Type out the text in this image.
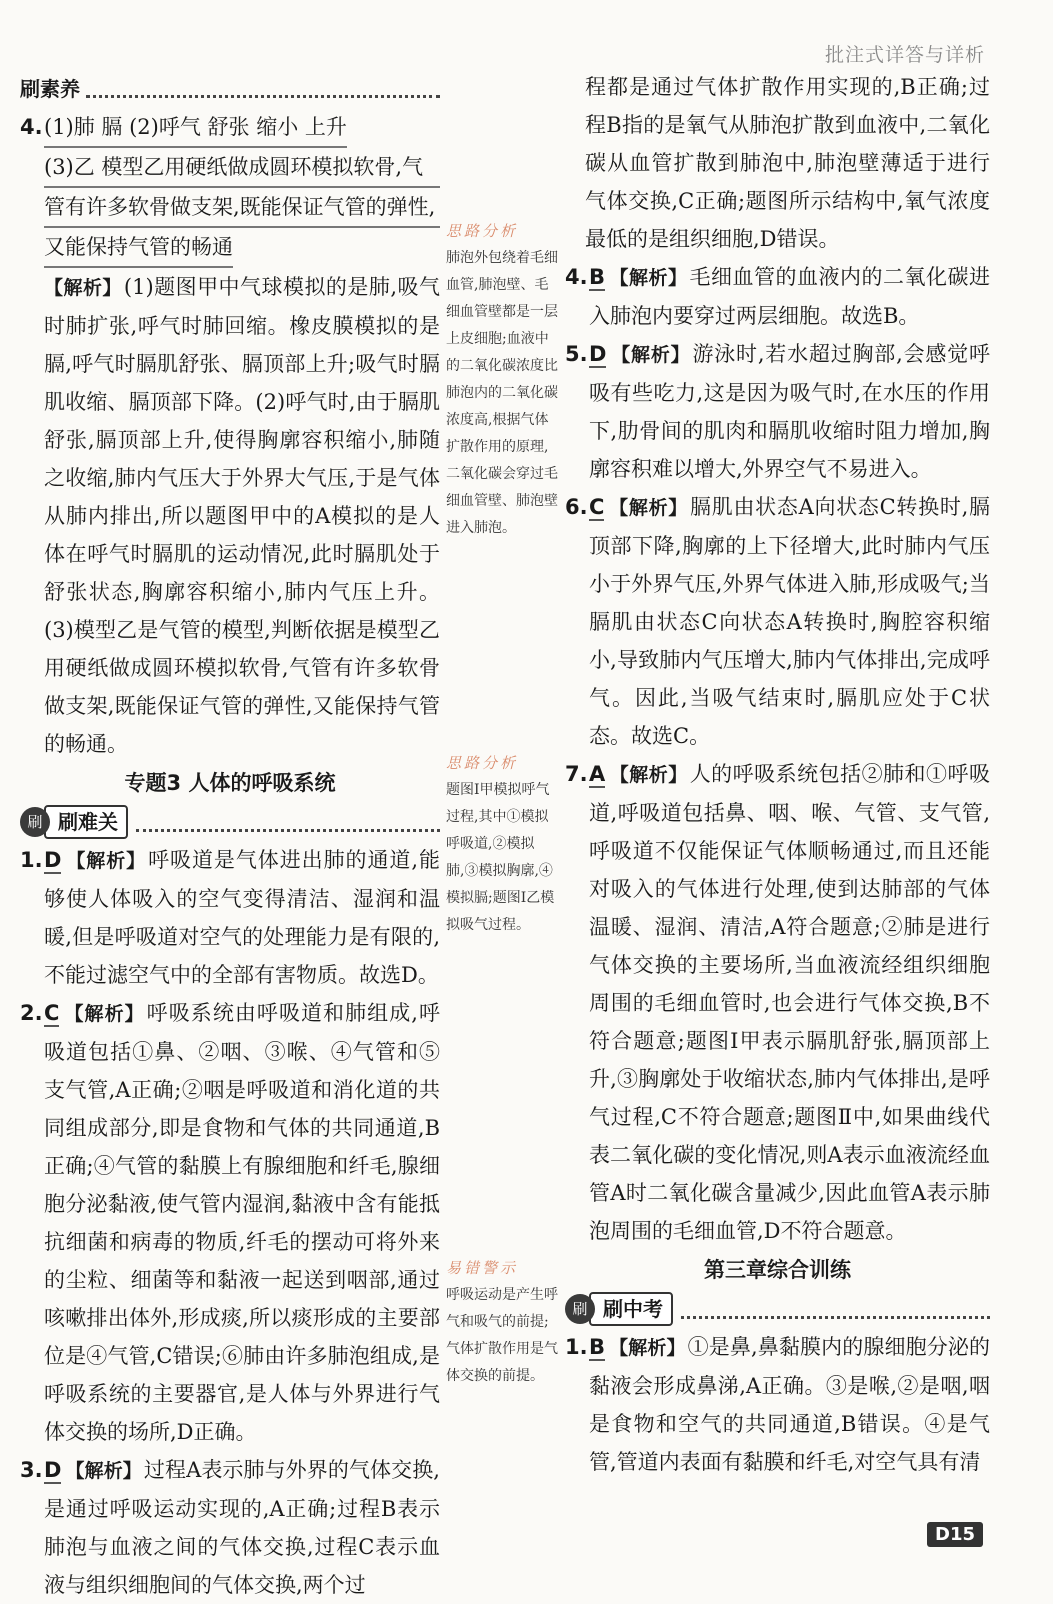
批注式详答与详析
刷素养
4. (1)肺 膈 (2)呼气 舒张 缩小 上升
(3)乙 模型乙用硬纸做成圆环模拟软骨,气
管有许多软骨做支架,既能保证气管的弹性,
又能保持气管的畅通

【解析】(1)题图甲中气球模拟的是肺,吸气时肺扩张,呼气时肺回缩。橡皮膜模拟的是膈,呼气时膈肌舒张、膈顶部上升;吸气时膈肌收缩、膈顶部下降。(2)呼气时,由于膈肌舒张,膈顶部上升,使得胸廓容积缩小,肺随之收缩,肺内气压大于外界大气压,于是气体从肺内排出,所以题图甲中的A模拟的是人体在呼气时膈肌的运动情况,此时膈肌处于舒张状态,胸廓容积缩小,肺内气压上升。(3)模型乙是气管的模型,判断依据是模型乙用硬纸做成圆环模拟软骨,气管有许多软骨做支架,既能保证气管的弹性,又能保持气管的畅通。

专题3 人体的呼吸系统
刷 刷难关
1. D 【解析】呼吸道是气体进出肺的通道,能够使人体吸入的空气变得清洁、湿润和温暖,但是呼吸道对空气的处理能力是有限的,不能过滤空气中的全部有害物质。故选D。

2. C 【解析】呼吸系统由呼吸道和肺组成,呼吸道包括①鼻、②咽、③喉、④气管和⑤支气管,A正确;②咽是呼吸道和消化道的共同组成部分,即是食物和气体的共同通道,B正确;④气管的黏膜上有腺细胞和纤毛,腺细胞分泌黏液,使气管内湿润,黏液中含有能抵抗细菌和病毒的物质,纤毛的摆动可将外来的尘粒、细菌等和黏液一起送到咽部,通过咳嗽排出体外,形成痰,所以痰形成的主要部位是④气管,C错误;⑥肺由许多肺泡组成,是呼吸系统的主要器官,是人体与外界进行气体交换的场所,D正确。

3. D 【解析】过程A表示肺与外界的气体交换,是通过呼吸运动实现的,A正确;过程B表示肺泡与血液之间的气体交换,过程C表示血液与组织细胞间的气体交换,两个过

思路分析
肺泡外包绕着毛细血管,肺泡壁、毛细血管壁都是一层上皮细胞;血液中的二氧化碳浓度比肺泡内的二氧化碳浓度高,根据气体扩散作用的原理,二氧化碳会穿过毛细血管壁、肺泡壁进入肺泡。
思路分析
题图Ⅰ甲模拟呼气过程,其中①模拟呼吸道,②模拟肺,③模拟胸廓,④模拟膈;题图Ⅰ乙模拟吸气过程。
易错警示
呼吸运动是产生呼气和吸气的前提;气体扩散作用是气体交换的前提。

程都是通过气体扩散作用实现的,B正确;过程B指的是氧气从肺泡扩散到血液中,二氧化碳从血管扩散到肺泡中,肺泡壁薄适于进行气体交换,C正确;题图所示结构中,氧气浓度最低的是组织细胞,D错误。

4. B 【解析】毛细血管的血液内的二氧化碳进入肺泡内要穿过两层细胞。故选B。

5. D 【解析】游泳时,若水超过胸部,会感觉呼吸有些吃力,这是因为吸气时,在水压的作用下,肋骨间的肌肉和膈肌收缩时阻力增加,胸廓容积难以增大,外界空气不易进入。

6. C 【解析】膈肌由状态A向状态C转换时,膈顶部下降,胸廓的上下径增大,此时肺内气压小于外界气压,外界气体进入肺,形成吸气;当膈肌由状态C向状态A转换时,胸腔容积缩小,导致肺内气压增大,肺内气体排出,完成呼气。因此,当吸气结束时,膈肌应处于C状态。故选C。

7. A 【解析】人的呼吸系统包括②肺和①呼吸道,呼吸道包括鼻、咽、喉、气管、支气管,呼吸道不仅能保证气体顺畅通过,而且还能对吸入的气体进行处理,使到达肺部的气体温暖、湿润、清洁,A符合题意;②肺是进行气体交换的主要场所,当血液流经组织细胞周围的毛细血管时,也会进行气体交换,B不符合题意;题图Ⅰ甲表示膈肌舒张,膈顶部上升,③胸廓处于收缩状态,肺内气体排出,是呼气过程,C不符合题意;题图Ⅱ中,如果曲线代表二氧化碳的变化情况,则A表示血液流经血管A时二氧化碳含量减少,因此血管A表示肺泡周围的毛细血管,D不符合题意。

第三章综合训练
刷 刷中考
1. B 【解析】①是鼻,鼻黏膜内的腺细胞分泌的黏液会形成鼻涕,A正确。③是喉,②是咽,咽是食物和空气的共同通道,B错误。④是气管,管道内表面有黏膜和纤毛,对空气具有清

D15
